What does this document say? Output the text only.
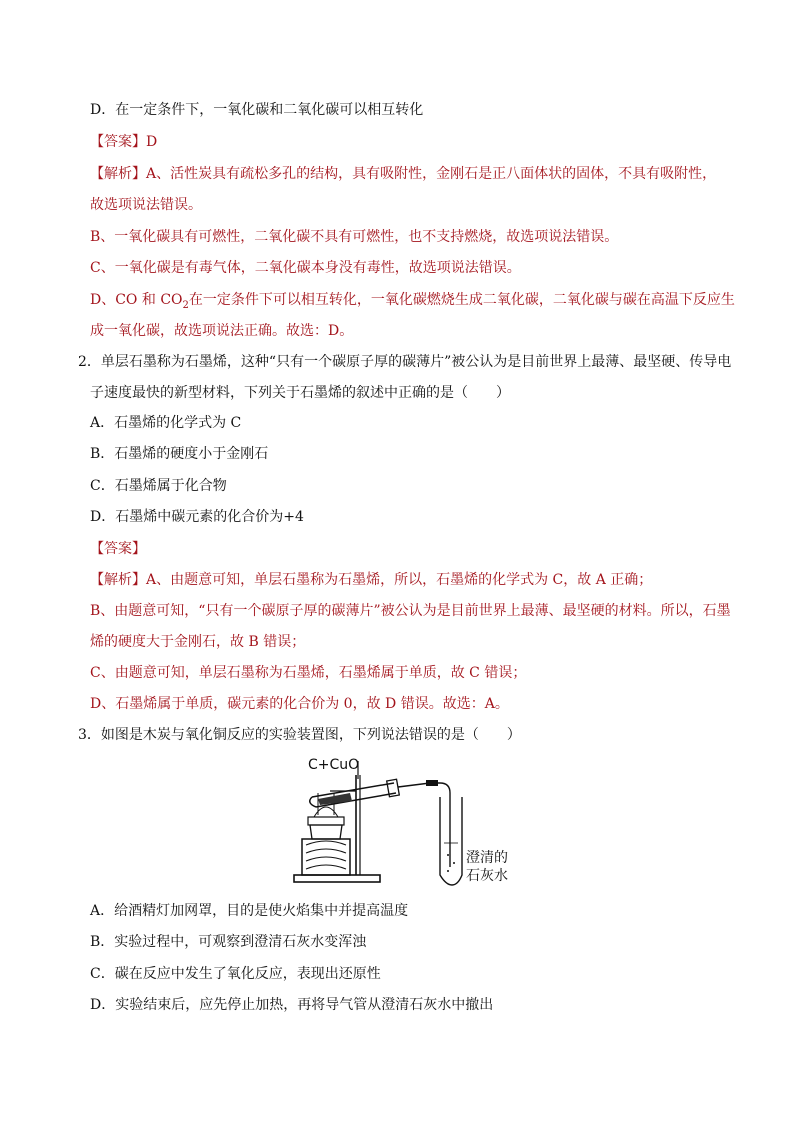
D．在一定条件下，一氧化碳和二氧化碳可以相互转化
【答案】D
【解析】A、活性炭具有疏松多孔的结构，具有吸附性，金刚石是正八面体状的固体，不具有吸附性，
故选项说法错误。
B、一氧化碳具有可燃性，二氧化碳不具有可燃性，也不支持燃烧，故选项说法错误。
C、一氧化碳是有毒气体，二氧化碳本身没有毒性，故选项说法错误。
D、CO 和 $CO_2$在一定条件下可以相互转化，一氧化碳燃烧生成二氧化碳，二氧化碳与碳在高温下反应生
成一氧化碳，故选项说法正确。故选：D。
2．单层石墨称为石墨烯，这种“只有一个碳原子厚的碳薄片”被公认为是目前世界上最薄、最坚硬、传导电
子速度最快的新型材料，下列关于石墨烯的叙述中正确的是（　　）
A．石墨烯的化学式为 C
B．石墨烯的硬度小于金刚石
C．石墨烯属于化合物
D．石墨烯中碳元素的化合价为+4
【答案】
【解析】A、由题意可知，单层石墨称为石墨烯，所以，石墨烯的化学式为 C，故 A 正确；
B、由题意可知，“只有一个碳原子厚的碳薄片”被公认为是目前世界上最薄、最坚硬的材料。所以，石墨
烯的硬度大于金刚石，故 B 错误；
C、由题意可知，单层石墨称为石墨烯，石墨烯属于单质，故 C 错误；
D、石墨烯属于单质，碳元素的化合价为 0，故 D 错误。故选：A。
3．如图是木炭与氧化铜反应的实验装置图，下列说法错误的是（　　）
C+CuO
澄清的
石灰水
A．给酒精灯加网罩，目的是使火焰集中并提高温度
B．实验过程中，可观察到澄清石灰水变浑浊
C．碳在反应中发生了氧化反应，表现出还原性
D．实验结束后，应先停止加热，再将导气管从澄清石灰水中撤出
